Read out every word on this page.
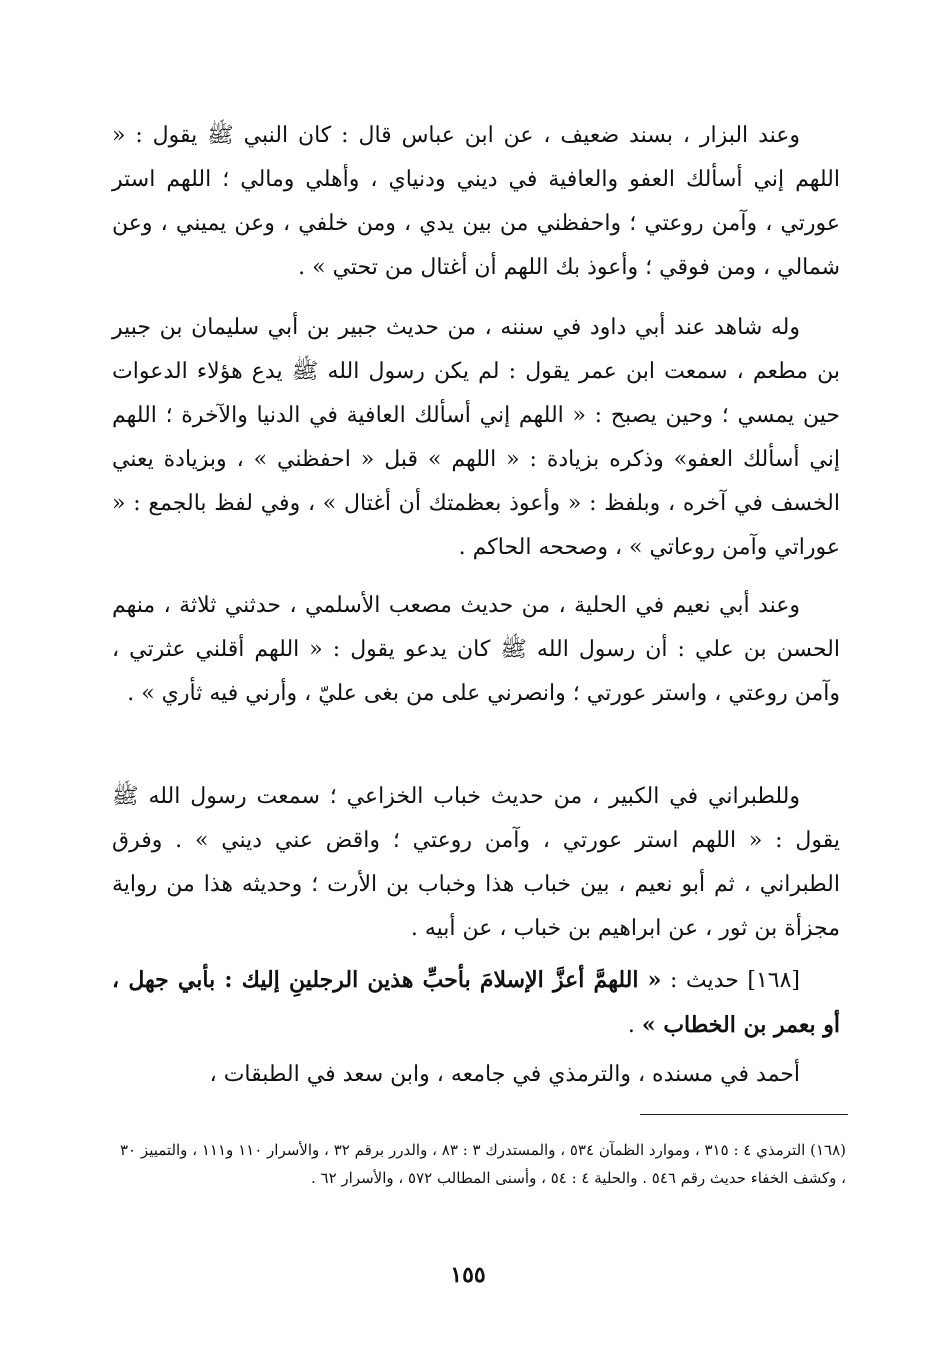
وعند البزار ، بسند ضعيف ، عن ابن عباس قال : كان النبي ﷺ يقول : « اللهم إني أسألك العفو والعافية في ديني ودنياي ، وأهلي ومالي ؛ اللهم استر عورتي ، وآمن روعتي ؛ واحفظني من بين يدي ، ومن خلفي ، وعن يميني ، وعن شمالي ، ومن فوقي ؛ وأعوذ بك اللهم أن أغتال من تحتي » .

وله شاهد عند أبي داود في سننه ، من حديث جبير بن أبي سليمان بن جبير بن مطعم ، سمعت ابن عمر يقول : لم يكن رسول الله ﷺ يدع هؤلاء الدعوات حين يمسي ؛ وحين يصبح : « اللهم إني أسألك العافية في الدنيا والآخرة ؛ اللهم إني أسألك العفو» وذكره بزيادة : « اللهم » قبل « احفظني » ، وبزيادة يعني الخسف في آخره ، وبلفظ : « وأعوذ بعظمتك أن أغتال » ، وفي لفظ بالجمع : « عوراتي وآمن روعاتي » ، وصححه الحاكم .

وعند أبي نعيم في الحلية ، من حديث مصعب الأسلمي ، حدثني ثلاثة ، منهم الحسن بن علي : أن رسول الله ﷺ كان يدعو يقول : « اللهم أقلني عثرتي ، وآمن روعتي ، واستر عورتي ؛ وانصرني على من بغى عليّ ، وأرني فيه ثأري » .

وللطبراني في الكبير ، من حديث خباب الخزاعي ؛ سمعت رسول الله ﷺ يقول : « اللهم استر عورتي ، وآمن روعتي ؛ واقض عني ديني » . وفرق الطبراني ، ثم أبو نعيم ، بين خباب هذا وخباب بن الأرت ؛ وحديثه هذا من رواية مجزأة بن ثور ، عن ابراهيم بن خباب ، عن أبيه .

[١٦٨] حديث : « اللهمَّ أعزَّ الإسلامَ بأحبِّ هذين الرجلينِ إليك : بأبي جهل ، أو بعمر بن الخطاب » .

أحمد في مسنده ، والترمذي في جامعه ، وابن سعد في الطبقات ،

(١٦٨) الترمذي ٤ : ٣١٥ ، وموارد الظمآن ٥٣٤ ، والمستدرك ٣ : ٨٣ ، والدرر برقم ٣٢ ، والأسرار ١١٠ و١١١ ، والتمييز ٣٠ ، وكشف الخفاء حديث رقم ٥٤٦ . والحلية ٤ : ٥٤ ، وأسنى المطالب ٥٧٢ ، والأسرار ٦٢ .

١٥٥
